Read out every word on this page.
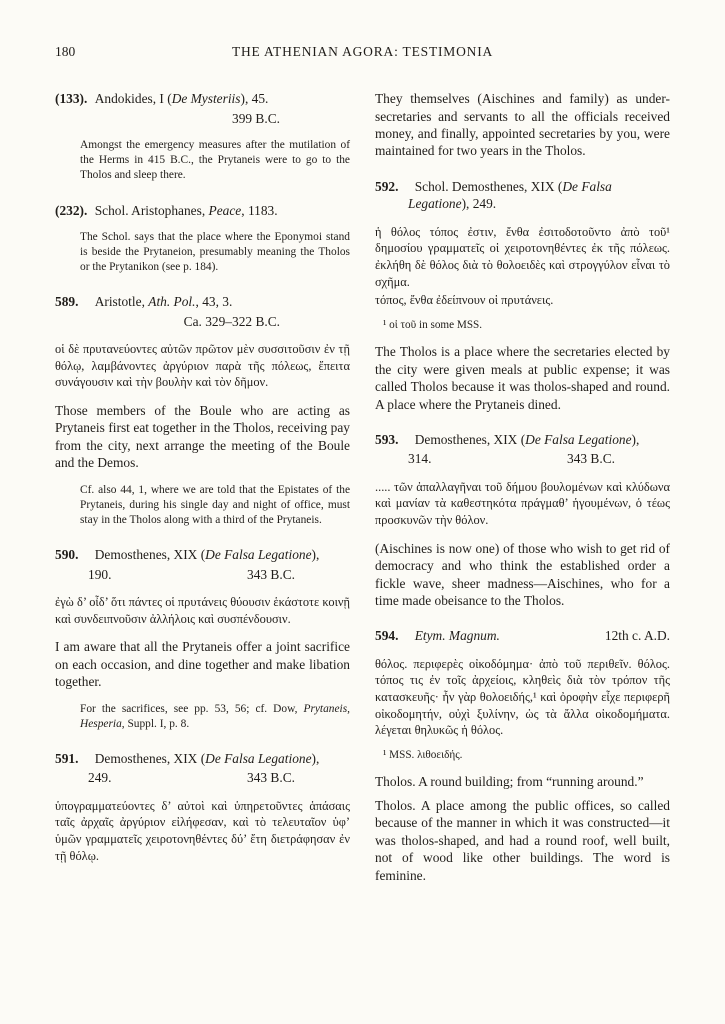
180	THE ATHENIAN AGORA: TESTIMONIA
(133).  Andokides, I (De Mysteriis), 45.
399 B.C.
Amongst the emergency measures after the mutilation of the Herms in 415 B.C., the Prytaneis were to go to the Tholos and sleep there.
(232).  Schol. Aristophanes, Peace, 1183.
The Schol. says that the place where the Eponymoi stand is beside the Prytaneion, presumably meaning the Tholos or the Prytanikon (see p. 184).
589.  Aristotle, Ath. Pol., 43, 3.
Ca. 329–322 B.C.
οἱ δὲ πρυτανεύοντες αὐτῶν πρῶτον μὲν συσσιτοῦσιν ἐν τῇ θόλῳ, λαμβάνοντες ἀργύριον παρὰ τῆς πόλεως, ἔπειτα συνάγουσιν καὶ τὴν βουλὴν καὶ τὸν δῆμον.
Those members of the Boule who are acting as Prytaneis first eat together in the Tholos, receiving pay from the city, next arrange the meeting of the Boule and the Demos.
Cf. also 44, 1, where we are told that the Epistates of the Prytaneis, during his single day and night of office, must stay in the Tholos along with a third of the Prytaneis.
590.  Demosthenes, XIX (De Falsa Legatione),
190.	343 B.C.
ἐγὼ δ’ οἶδ’ ὅτι πάντες οἱ πρυτάνεις θύουσιν ἑκάστοτε κοινῇ καὶ συνδειπνοῦσιν ἀλλήλοις καὶ συσπένδουσιν.
I am aware that all the Prytaneis offer a joint sacrifice on each occasion, and dine together and make libation together.
For the sacrifices, see pp. 53, 56; cf. Dow, Prytaneis, Hesperia, Suppl. I, p. 8.
591.  Demosthenes, XIX (De Falsa Legatione),
249.	343 B.C.
ὑπογραμματεύοντες δ’ αὐτοὶ καὶ ὑπηρετοῦντες ἁπάσαις ταῖς ἀρχαῖς ἀργύριον εἰλήφεσαν, καὶ τὸ τελευταῖον ὑφ’ ὑμῶν γραμματεῖς χειροτονηθέντες δύ’ ἔτη διετράφησαν ἐν τῇ θόλῳ.
They themselves (Aischines and family) as under-secretaries and servants to all the officials received money, and finally, appointed secretaries by you, were maintained for two years in the Tholos.
592.  Schol. Demosthenes, XIX (De Falsa Legatione), 249.
ἡ θόλος τόπος ἐστιν, ἔνθα ἐσιτοδοτοῦντο ἀπὸ τοῦ¹ δημοσίου γραμματεῖς οἱ χειροτονηθέντες ἐκ τῆς πόλεως. ἐκλήθη δὲ θόλος διὰ τὸ θολοειδὲς καὶ στρογγύλον εἶναι τὸ σχῆμα.
τόπος, ἔνθα ἐδείπνουν οἱ πρυτάνεις.
¹ οἱ τοῦ in some MSS.
The Tholos is a place where the secretaries elected by the city were given meals at public expense; it was called Tholos because it was tholos-shaped and round. A place where the Prytaneis dined.
593.  Demosthenes, XIX (De Falsa Legatione),
314.	343 B.C.
..... τῶν ἀπαλλαγῆναι τοῦ δήμου βουλομένων καὶ κλύδωνα καὶ μανίαν τὰ καθεστηκότα πράγμαθ’ ἡγουμένων, ὁ τέως προσκυνῶν τὴν θόλον.
(Aischines is now one) of those who wish to get rid of democracy and who think the established order a fickle wave, sheer madness—Aischines, who for a time made obeisance to the Tholos.
12th c. A.D.
594.  Etym. Magnum.
θόλος. περιφερὲς οἰκοδόμημα· ἀπὸ τοῦ περιθεῖν. θόλος. τόπος τις ἐν τοῖς ἀρχείοις, κληθεὶς διὰ τὸν τρόπον τῆς κατασκευῆς· ἦν γὰρ θολοειδής,¹ καὶ ὀροφὴν εἶχε περιφερῆ οἰκοδομητήν, οὐχὶ ξυλίνην, ὡς τὰ ἄλλα οἰκοδομήματα. λέγεται θηλυκῶς ἡ θόλος.
¹ MSS. λιθοειδής.
Tholos. A round building; from “running around.”
Tholos. A place among the public offices, so called because of the manner in which it was constructed—it was tholos-shaped, and had a round roof, well built, not of wood like other buildings. The word is feminine.
